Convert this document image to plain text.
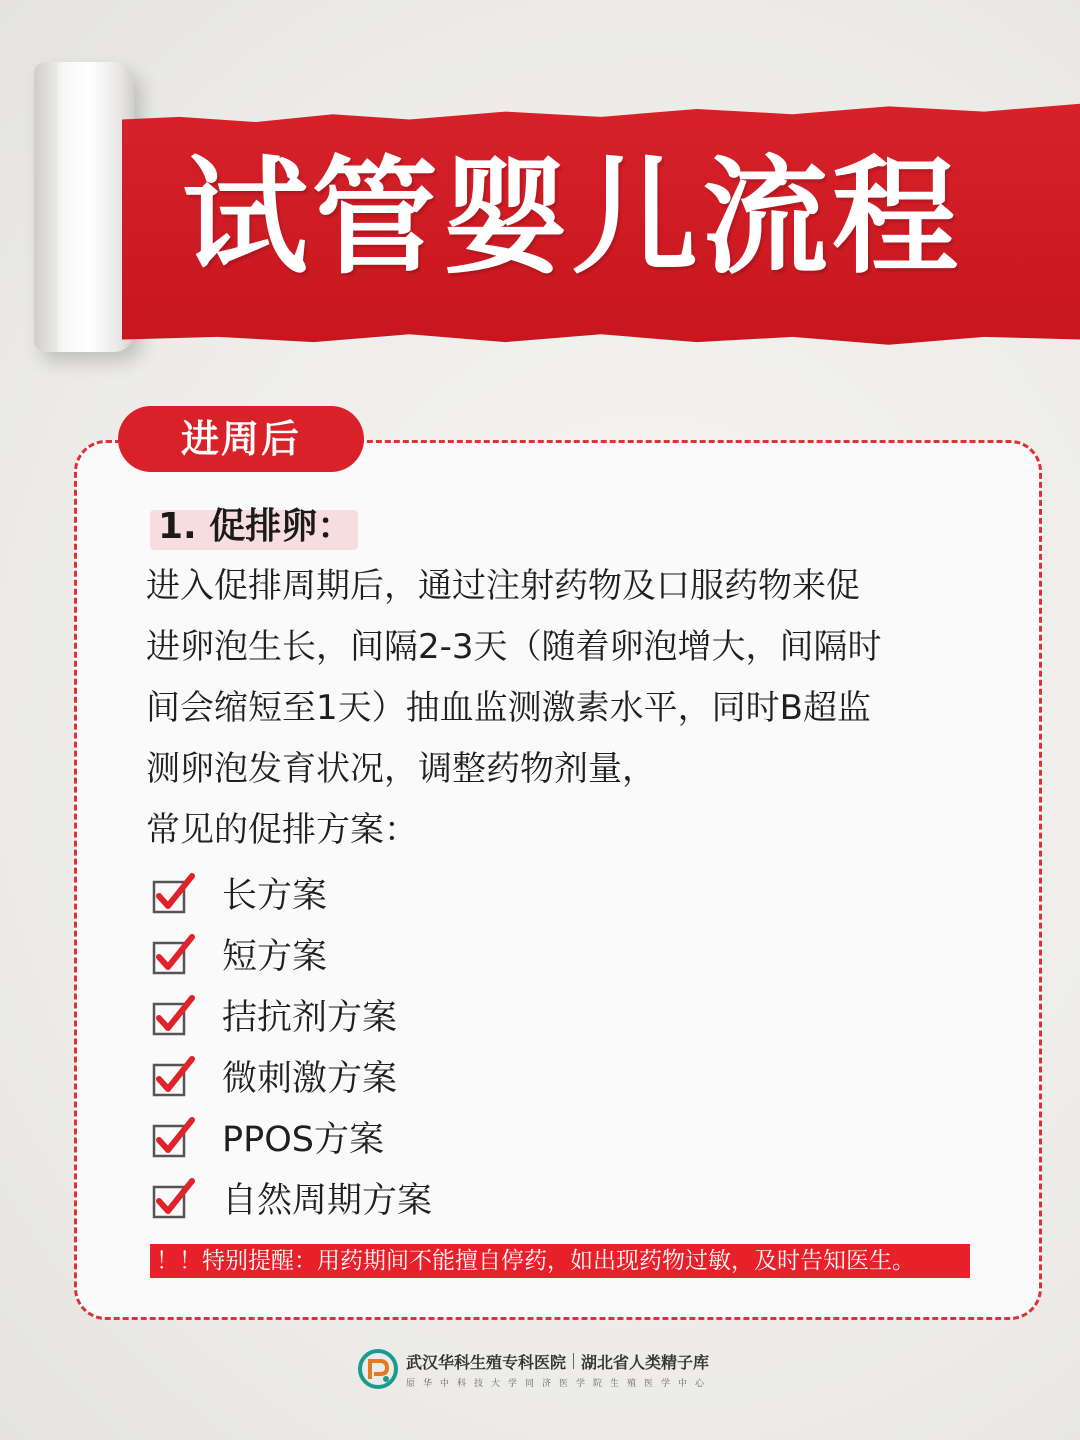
试管婴儿流程
进周后
1. 促排卵：

进入促排周期后，通过注射药物及口服药物来促
进卵泡生长，间隔2-3天（随着卵泡增大，间隔时
间会缩短至1天）抽血监测激素水平，同时B超监
测卵泡发育状况，调整药物剂量，

常见的促排方案：

长方案
短方案
拮抗剂方案
微刺激方案
PPOS方案
自然周期方案
！！特别提醒：用药期间不能擅自停药，如出现药物过敏，及时告知医生。
武汉华科生殖专科医院 湖北省人类精子库
原华中科技大学同济医学院生殖医学中心
